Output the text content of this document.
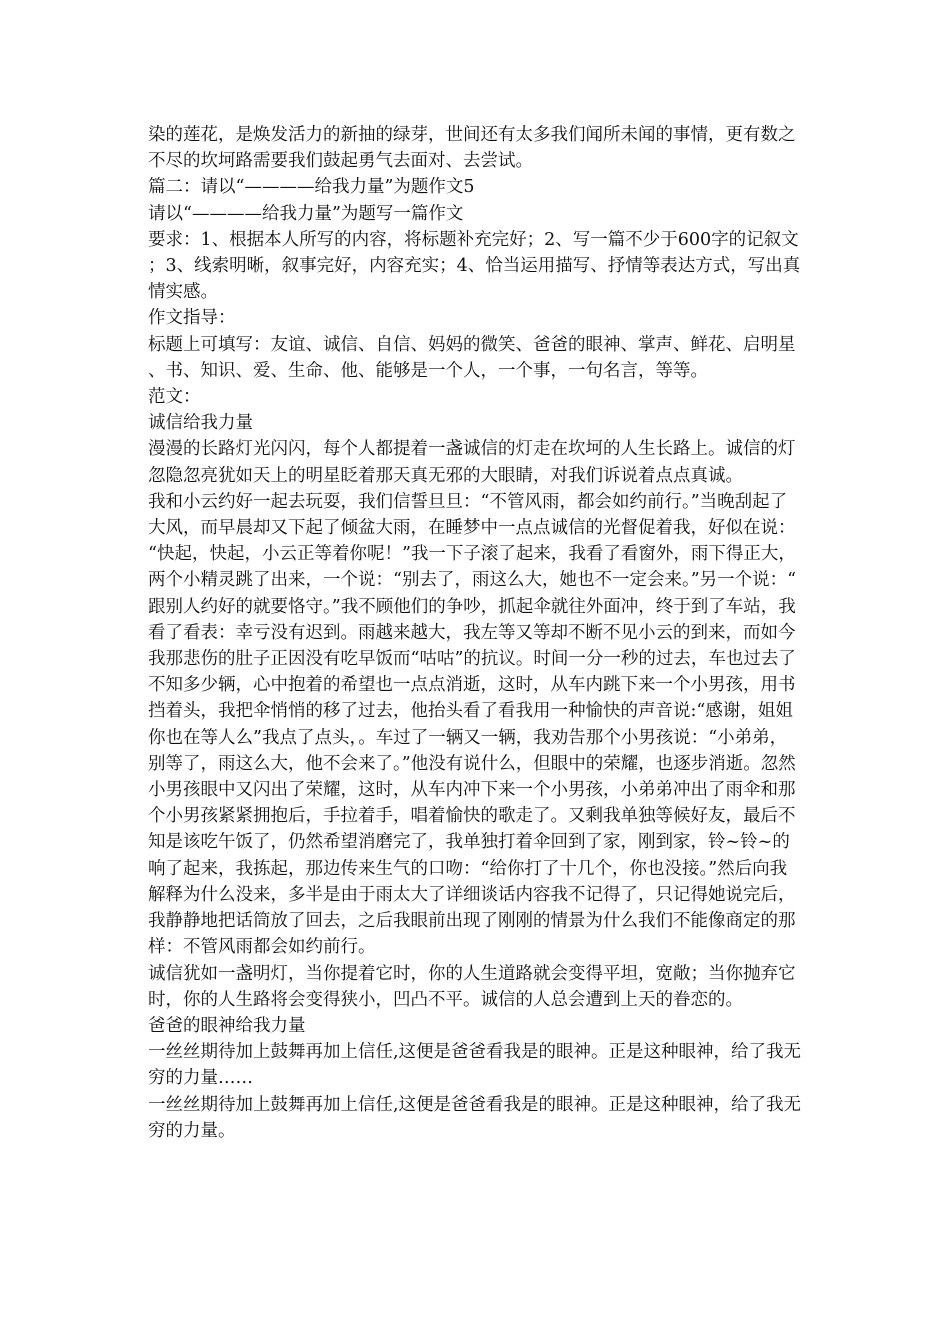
染的莲花，是焕发活力的新抽的绿芽，世间还有太多我们闻所未闻的事情，更有数之不尽的坎坷路需要我们鼓起勇气去面对、去尝试。

篇二：请以“————给我力量”为题作文5

请以“————给我力量”为题写一篇作文

要求：1、根据本人所写的内容，将标题补充完好；2、写一篇不少于600字的记叙文；3、线索明晰，叙事完好，内容充实；4、恰当运用描写、抒情等表达方式，写出真情实感。

作文指导：

标题上可填写：友谊、诚信、自信、妈妈的微笑、爸爸的眼神、掌声、鲜花、启明星、书、知识、爱、生命、他、能够是一个人，一个事，一句名言，等等。

范文：

诚信给我力量

漫漫的长路灯光闪闪，每个人都提着一盏诚信的灯走在坎坷的人生长路上。诚信的灯忽隐忽亮犹如天上的明星眨着那天真无邪的大眼睛，对我们诉说着点点真诚。

我和小云约好一起去玩耍，我们信誓旦旦：“不管风雨，都会如约前行。”当晚刮起了大风，而早晨却又下起了倾盆大雨，在睡梦中一点点诚信的光督促着我，好似在说：“快起，快起，小云正等着你呢！”我一下子滚了起来，我看了看窗外，雨下得正大，两个小精灵跳了出来，一个说：“别去了，雨这么大，她也不一定会来。”另一个说：“跟别人约好的就要恪守。”我不顾他们的争吵，抓起伞就往外面冲，终于到了车站，我看了看表：幸亏没有迟到。雨越来越大，我左等又等却不断不见小云的到来，而如今我那悲伤的肚子正因没有吃早饭而“咕咕”的抗议。时间一分一秒的过去，车也过去了不知多少辆，心中抱着的希望也一点点消逝，这时，从车内跳下来一个小男孩，用书挡着头，我把伞悄悄的移了过去，他抬头看了看我用一种愉快的声音说:“感谢，姐姐你也在等人么”我点了点头，。车过了一辆又一辆，我劝告那个小男孩说：“小弟弟，别等了，雨这么大，他不会来了。”他没有说什么，但眼中的荣耀，也逐步消逝。忽然小男孩眼中又闪出了荣耀，这时，从车内冲下来一个小男孩，小弟弟冲出了雨伞和那个小男孩紧紧拥抱后，手拉着手，唱着愉快的歌走了。又剩我单独等候好友，最后不知是该吃午饭了，仍然希望消磨完了，我单独打着伞回到了家，刚到家，铃~铃~的响了起来，我拣起，那边传来生气的口吻：“给你打了十几个，你也没接。”然后向我解释为什么没来，多半是由于雨太大了详细谈话内容我不记得了，只记得她说完后，我静静地把话筒放了回去，之后我眼前出现了刚刚的情景为什么我们不能像商定的那样：不管风雨都会如约前行。

诚信犹如一盏明灯，当你提着它时，你的人生道路就会变得平坦，宽敞；当你抛弃它时，你的人生路将会变得狭小，凹凸不平。诚信的人总会遭到上天的眷恋的。

爸爸的眼神给我力量

一丝丝期待加上鼓舞再加上信任,这便是爸爸看我是的眼神。正是这种眼神，给了我无穷的力量……

一丝丝期待加上鼓舞再加上信任,这便是爸爸看我是的眼神。正是这种眼神，给了我无穷的力量。
